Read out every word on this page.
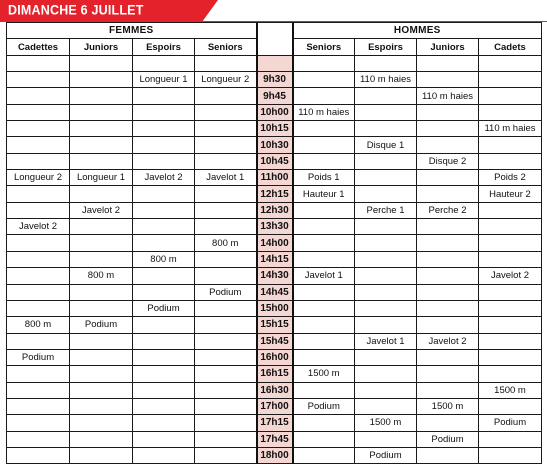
DIMANCHE 6 JUILLET
FEMMES					HOMMES			
Cadettes	Juniors	Espoirs	Seniors		Seniors	Espoirs	Juniors	Cadets

		Longueur 1	Longueur 2	9h30		110 m haies		
				9h45			110 m haies	
				10h00	110 m haies			
				10h15				110 m haies
				10h30		Disque 1		
				10h45			Disque 2	
Longueur 2	Longueur 1	Javelot 2	Javelot 1	11h00	Poids 1			Poids 2
				12h15	Hauteur 1			Hauteur 2
	Javelot 2			12h30		Perche 1	Perche 2	
Javelot 2				13h30				
			800 m	14h00				
		800 m		14h15				
	800 m			14h30	Javelot 1			Javelot 2
			Podium	14h45				
		Podium		15h00				
800 m	Podium			15h15				
				15h45		Javelot 1	Javelot 2	
Podium				16h00				
				16h15	1500 m			
				16h30				1500 m
				17h00	Podium		1500 m	
				17h15		1500 m		Podium
				17h45			Podium	
				18h00		Podium		
